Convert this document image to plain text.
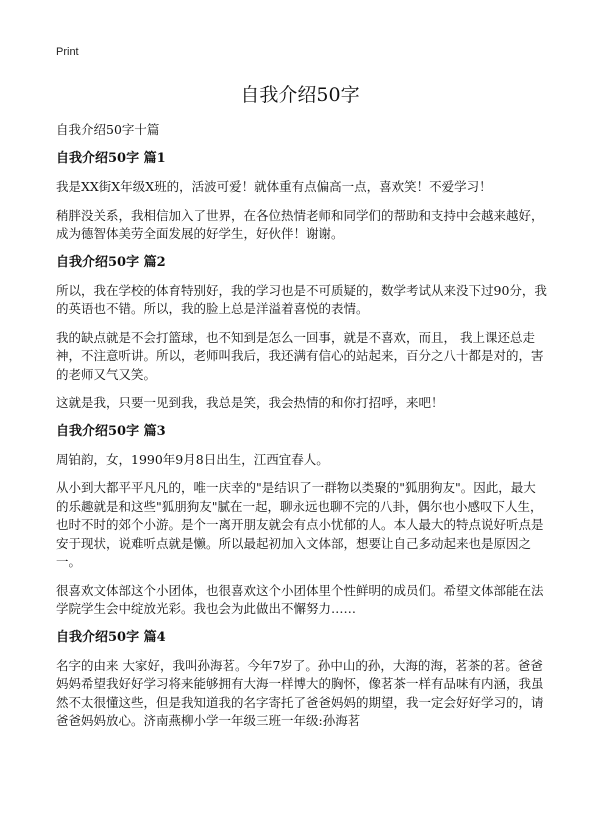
Print
自我介绍50字

自我介绍50字十篇

自我介绍50字 篇1

我是XX街X年级X班的，活波可爱！就体重有点偏高一点，喜欢笑！不爱学习！

稍胖没关系，我相信加入了世界，在各位热情老师和同学们的帮助和支持中会越来越好，成为德智体美劳全面发展的好学生，好伙伴！谢谢。

自我介绍50字 篇2

所以，我在学校的体育特别好，我的学习也是不可质疑的，数学考试从来没下过90分，我的英语也不错。所以，我的脸上总是洋溢着喜悦的表情。

我的缺点就是不会打篮球，也不知到是怎么一回事，就是不喜欢，而且， 我上课还总走神，不注意听讲。所以，老师叫我后，我还满有信心的站起来，百分之八十都是对的，害的老师又气又笑。

这就是我，只要一见到我，我总是笑，我会热情的和你打招呼，来吧！

自我介绍50字 篇3

周铂韵，女，1990年9月8日出生，江西宜春人。

从小到大都平平凡凡的，唯一庆幸的"是结识了一群物以类聚的"狐朋狗友"。因此，最大的乐趣就是和这些"狐朋狗友"腻在一起，聊永远也聊不完的八卦，偶尔也小感叹下人生，也时不时的郊个小游。是个一离开朋友就会有点小忧郁的人。本人最大的特点说好听点是安于现状，说难听点就是懒。所以最起初加入文体部，想要让自己多动起来也是原因之一。

很喜欢文体部这个小团体，也很喜欢这个小团体里个性鲜明的成员们。希望文体部能在法学院学生会中绽放光彩。我也会为此做出不懈努力……

自我介绍50字 篇4

名字的由来 大家好，我叫孙海茗。今年7岁了。孙中山的孙，大海的海，茗茶的茗。爸爸妈妈希望我好好学习将来能够拥有大海一样博大的胸怀，像茗茶一样有品味有内涵，我虽然不太很懂这些，但是我知道我的名字寄托了爸爸妈妈的期望，我一定会好好学习的，请爸爸妈妈放心。济南燕柳小学一年级三班一年级:孙海茗
